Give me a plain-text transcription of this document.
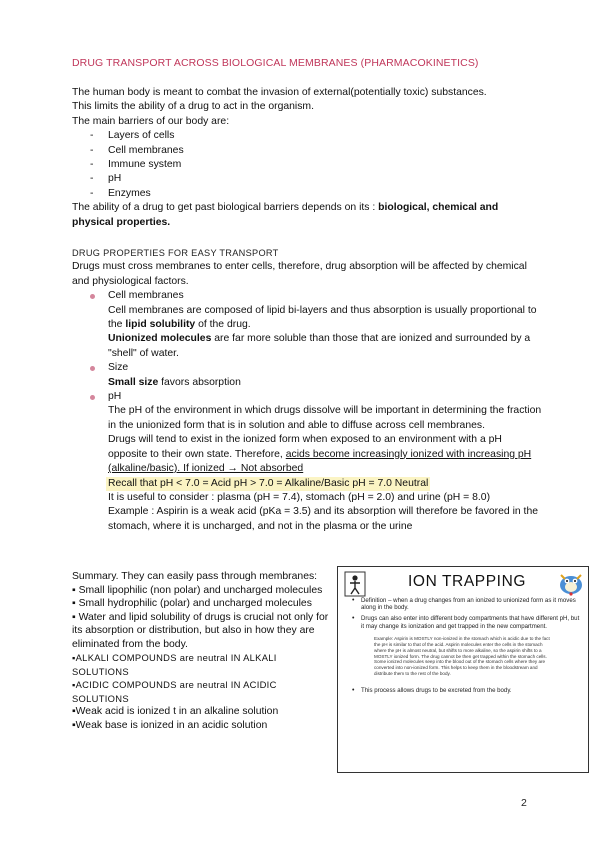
DRUG TRANSPORT ACROSS BIOLOGICAL MEMBRANES (PHARMACOKINETICS)

The human body is meant to combat the invasion of external(potentially toxic) substances.

This limits the ability of a drug to act in the organism.

The main barriers of our body are:

- Layers of cells
- Cell membranes
- Immune system
- pH
- Enzymes

The ability of a drug to get past biological barriers depends on its : biological, chemical and physical properties.

DRUG PROPERTIES FOR EASY TRANSPORT

Drugs must cross membranes to enter cells, therefore, drug absorption will be affected by chemical and physiological factors.

Cell membranes
Cell membranes are composed of lipid bi-layers and thus absorption is usually proportional to the lipid solubility of the drug.
Unionized molecules are far more soluble than those that are ionized and surrounded by a "shell" of water.
Size
Small size favors absorption
pH
The pH of the environment in which drugs dissolve will be important in determining the fraction in the unionized form that is in solution and able to diffuse across cell membranes.
Drugs will tend to exist in the ionized form when exposed to an environment with a pH opposite to their own state. Therefore, acids become increasingly ionized with increasing pH (alkaline/basic). If ionized → Not absorbed
Recall that pH < 7.0 = Acid pH > 7.0 = Alkaline/Basic pH = 7.0 Neutral
It is useful to consider : plasma (pH = 7.4), stomach (pH = 2.0) and urine (pH = 8.0)
Example : Aspirin is a weak acid (pKa = 3.5) and its absorption will therefore be favored in the stomach, where it is uncharged, and not in the plasma or the urine
Summary. They can easily pass through membranes:
▪ Small lipophilic (non polar) and uncharged molecules
▪ Small hydrophilic (polar) and uncharged molecules
▪ Water and lipid solubility of drugs is crucial not only for its absorption or distribution, but also in how they are eliminated from the body.
▪ALKALI COMPOUNDS are neutral IN ALKALI SOLUTIONS
▪ACIDIC COMPOUNDS are neutral IN ACIDIC SOLUTIONS
▪Weak acid is ionized t in an alkaline solution
▪Weak base is ionized in an acidic solution
ION TRAPPING
• Definition – when a drug changes from an ionized to unionized form as it moves along in the body.
• Drugs can also enter into different body compartments that have different pH, but it may change its ionization and get trapped in the new compartment.
Example: Aspirin is MOSTLY non-ionized in the stomach which is acidic due to the fact the pH is similar to that of the acid. Aspirin molecules enter the cells in the stomach where the pH is almost neutral, but shifts to more alkaline, so the aspirin shifts to a MOSTLY ionized form. The drug cannot be then get trapped within the stomach cells. Some ionized molecules seep into the blood out of the stomach cells where they are converted into non-ionized form. This helps to keep them in the bloodstream and distribute them to the rest of the body.
• This process allows drugs to be excreted from the body.
2
